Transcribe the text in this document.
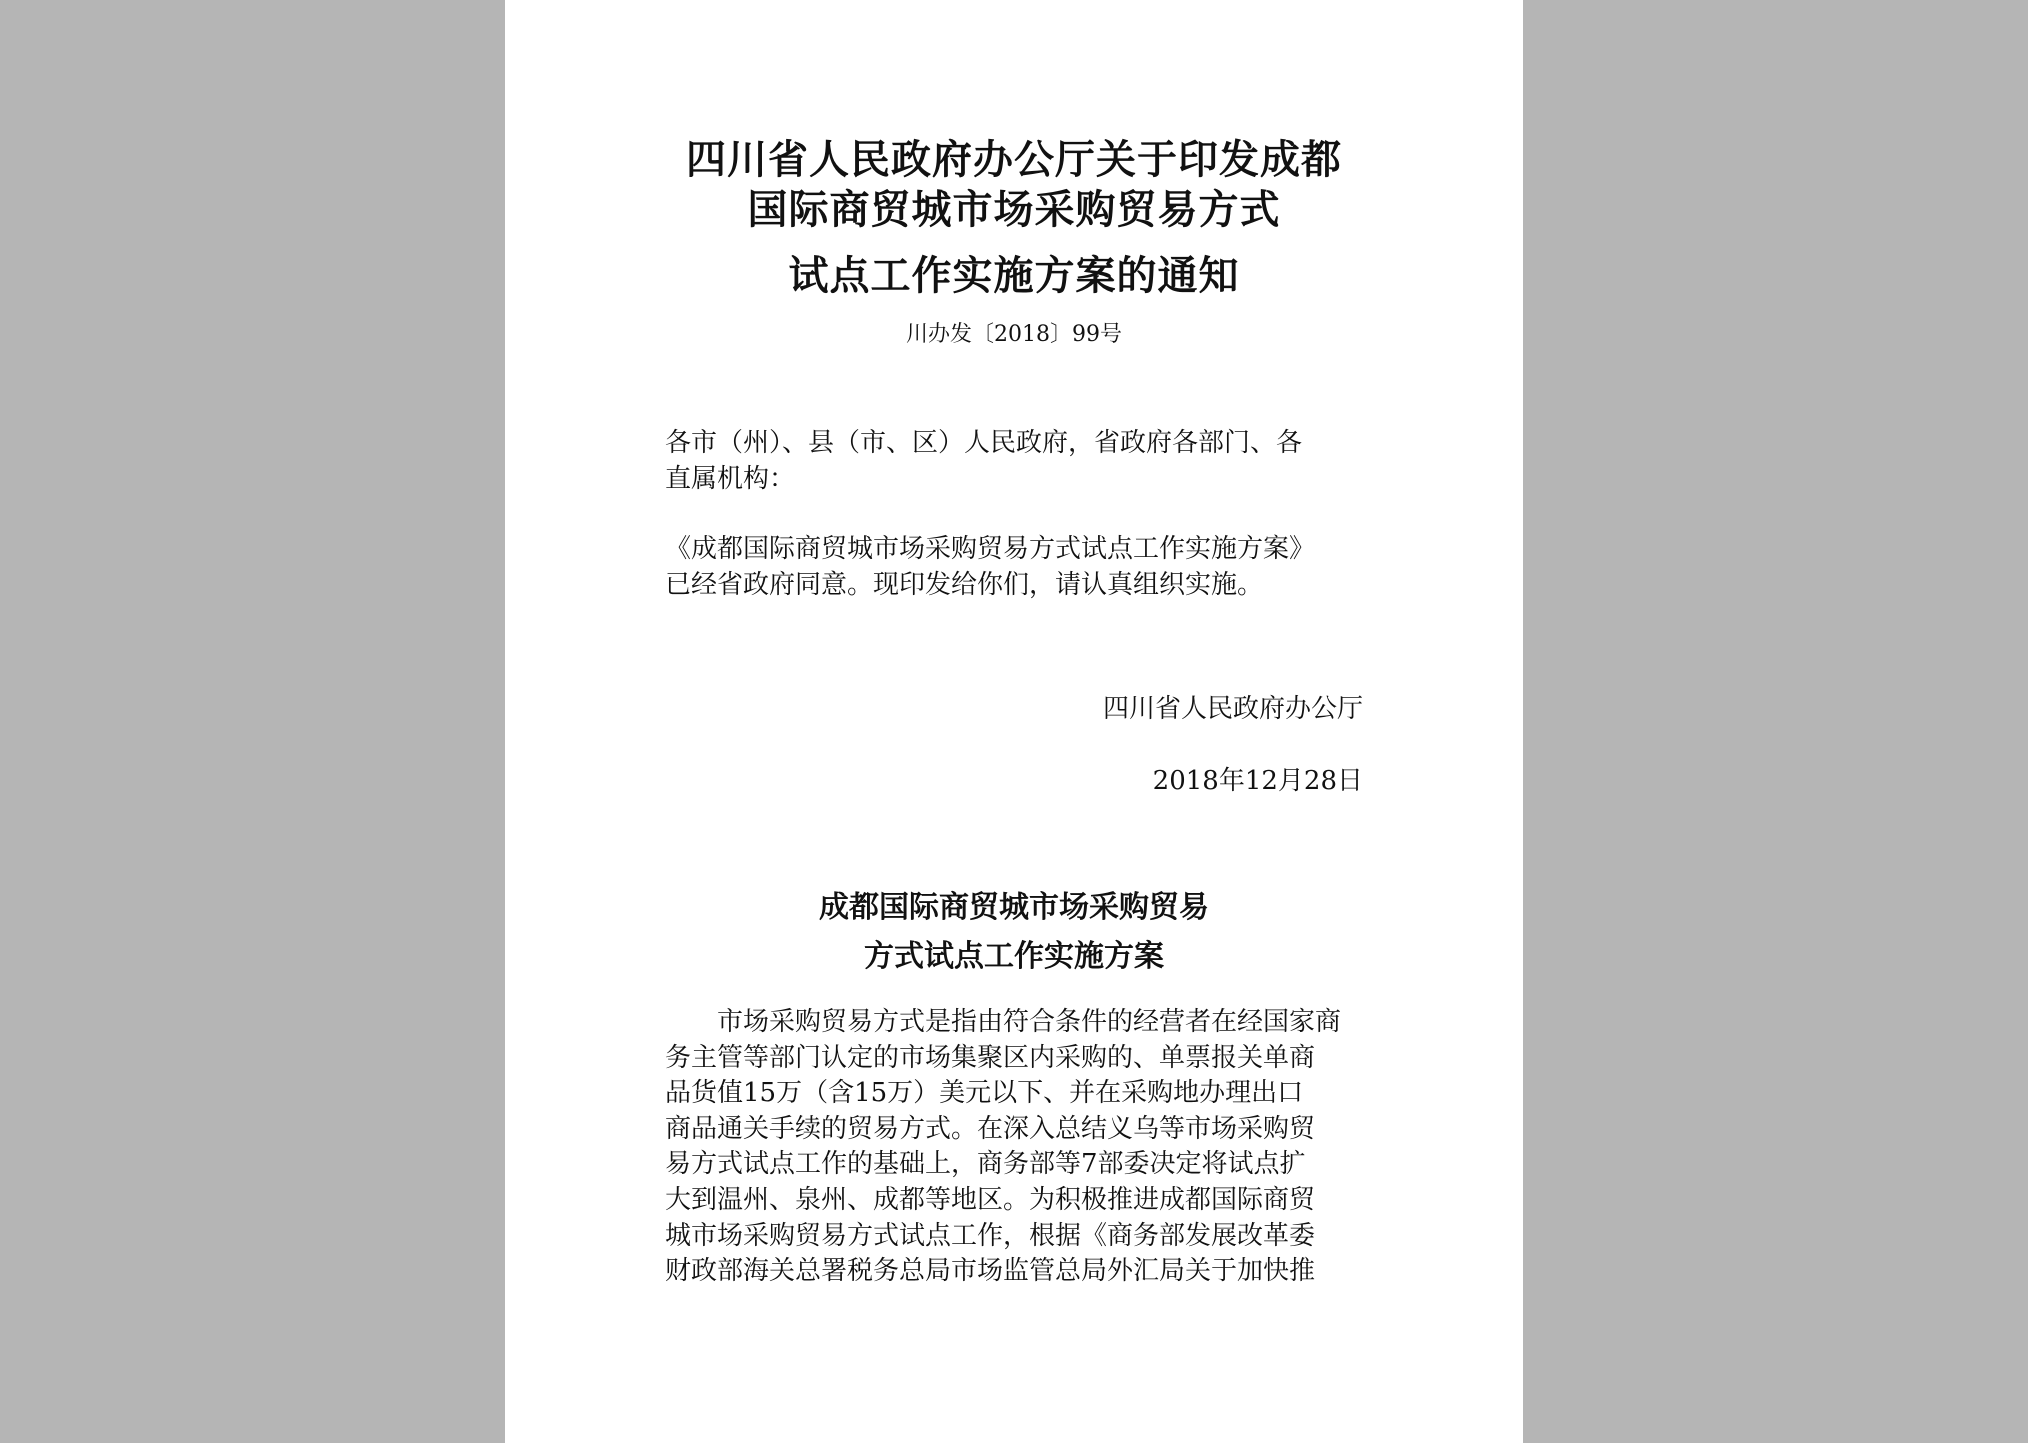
四川省人民政府办公厅关于印发成都
国际商贸城市场采购贸易方式
试点工作实施方案的通知
川办发〔2018〕99号
各市（州）、县（市、区）人民政府，省政府各部门、各
直属机构：
《成都国际商贸城市场采购贸易方式试点工作实施方案》
已经省政府同意。现印发给你们，请认真组织实施。
四川省人民政府办公厅
2018年12月28日
成都国际商贸城市场采购贸易
方式试点工作实施方案
　　市场采购贸易方式是指由符合条件的经营者在经国家商
务主管等部门认定的市场集聚区内采购的、单票报关单商
品货值15万（含15万）美元以下、并在采购地办理出口
商品通关手续的贸易方式。在深入总结义乌等市场采购贸
易方式试点工作的基础上，商务部等7部委决定将试点扩
大到温州、泉州、成都等地区。为积极推进成都国际商贸
城市场采购贸易方式试点工作，根据《商务部发展改革委
财政部海关总署税务总局市场监管总局外汇局关于加快推
